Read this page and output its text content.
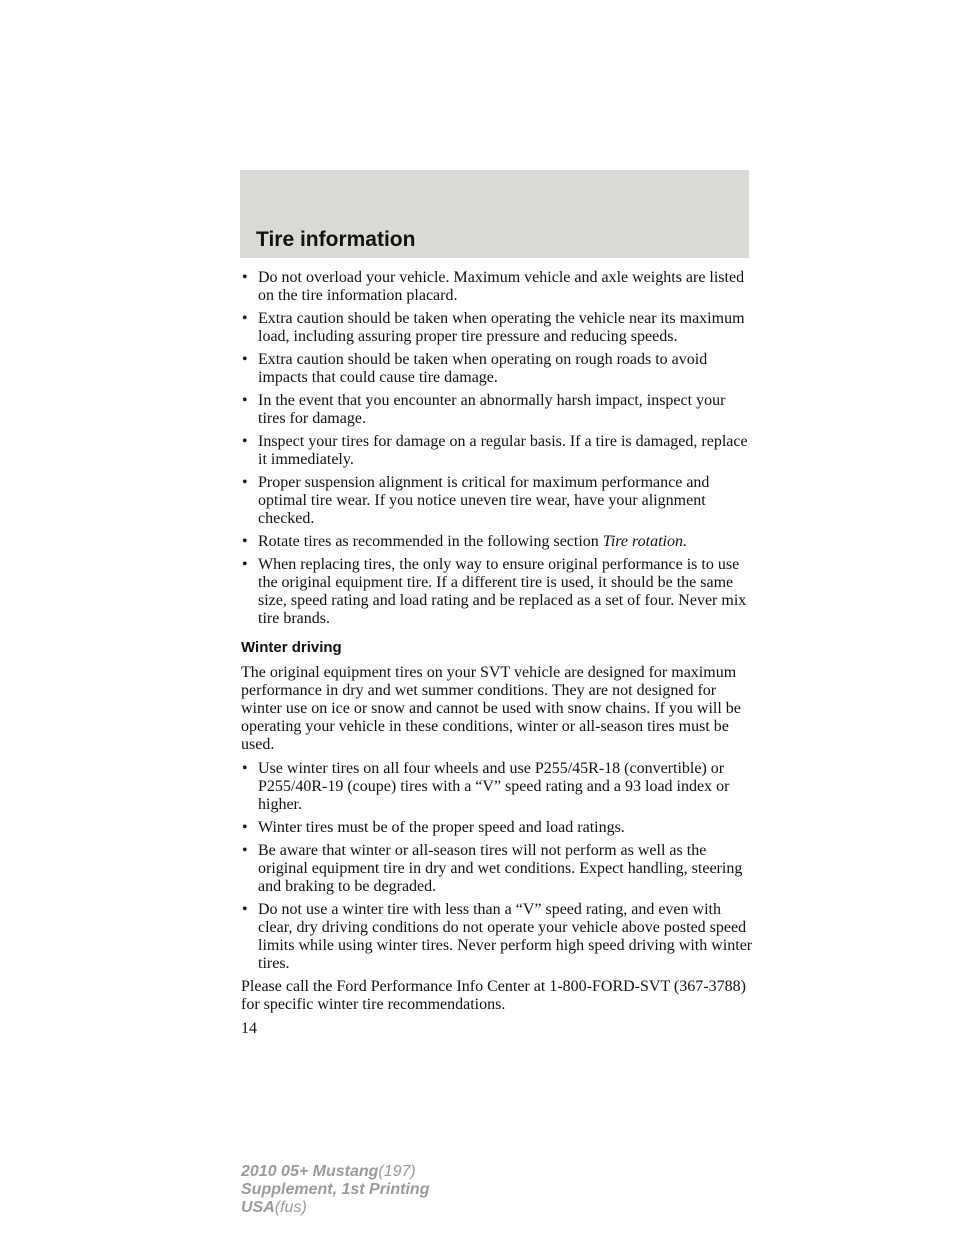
Tire information
• Do not overload your vehicle. Maximum vehicle and axle weights are listed on the tire information placard.
• Extra caution should be taken when operating the vehicle near its maximum load, including assuring proper tire pressure and reducing speeds.
• Extra caution should be taken when operating on rough roads to avoid impacts that could cause tire damage.
• In the event that you encounter an abnormally harsh impact, inspect your tires for damage.
• Inspect your tires for damage on a regular basis. If a tire is damaged, replace it immediately.
• Proper suspension alignment is critical for maximum performance and optimal tire wear. If you notice uneven tire wear, have your alignment checked.
• Rotate tires as recommended in the following section Tire rotation.
• When replacing tires, the only way to ensure original performance is to use the original equipment tire. If a different tire is used, it should be the same size, speed rating and load rating and be replaced as a set of four. Never mix tire brands.
Winter driving

The original equipment tires on your SVT vehicle are designed for maximum performance in dry and wet summer conditions. They are not designed for winter use on ice or snow and cannot be used with snow chains. If you will be operating your vehicle in these conditions, winter or all-season tires must be used.

• Use winter tires on all four wheels and use P255/45R-18 (convertible) or P255/40R-19 (coupe) tires with a “V” speed rating and a 93 load index or higher.
• Winter tires must be of the proper speed and load ratings.
• Be aware that winter or all-season tires will not perform as well as the original equipment tire in dry and wet conditions. Expect handling, steering and braking to be degraded.
• Do not use a winter tire with less than a “V” speed rating, and even with clear, dry driving conditions do not operate your vehicle above posted speed limits while using winter tires. Never perform high speed driving with winter tires.

Please call the Ford Performance Info Center at 1-800-FORD-SVT (367-3788) for specific winter tire recommendations.

14

2010 05+ Mustang(197)
Supplement, 1st Printing
USA(fus)
